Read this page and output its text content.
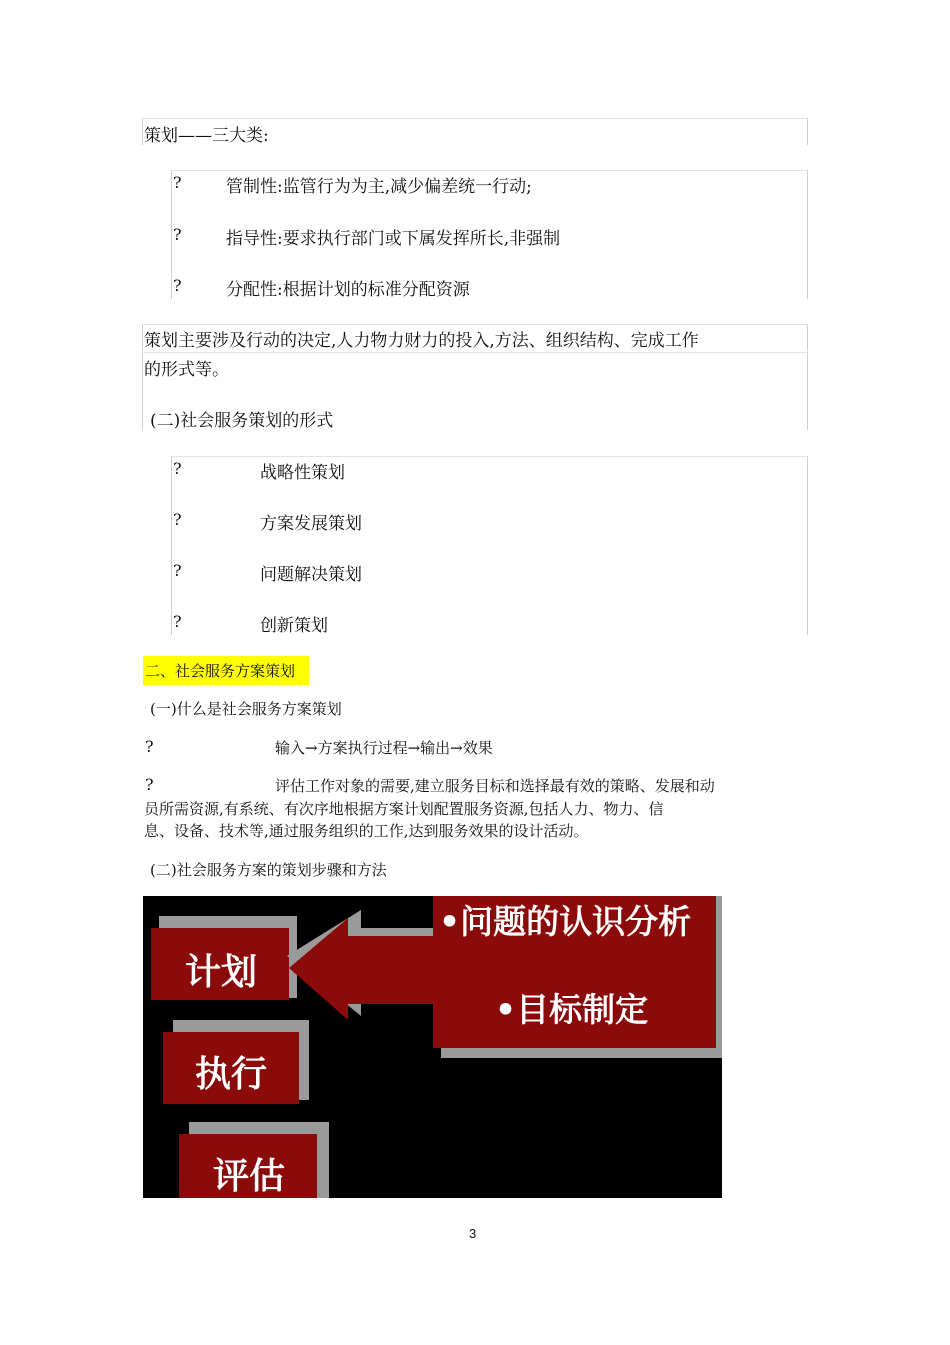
策划——三大类:
?	管制性:监管行为为主,减少偏差统一行动;
?	指导性:要求执行部门或下属发挥所长,非强制
?	分配性:根据计划的标准分配资源
策划主要涉及行动的决定,人力物力财力的投入,方法、组织结构、完成工作
的形式等。
(二)社会服务策划的形式
?	战略性策划
?	方案发展策划
?	问题解决策划
?	创新策划
二、社会服务方案策划
(一)什么是社会服务方案策划
?	输入→方案执行过程→输出→效果
?	评估工作对象的需要,建立服务目标和选择最有效的策略、发展和动
员所需资源,有系统、有次序地根据方案计划配置服务资源,包括人力、物力、信
息、设备、技术等,通过服务组织的工作,达到服务效果的设计活动。
(二)社会服务方案的策划步骤和方法
计划
•问题的认识分析
•目标制定
执行
评估
3
